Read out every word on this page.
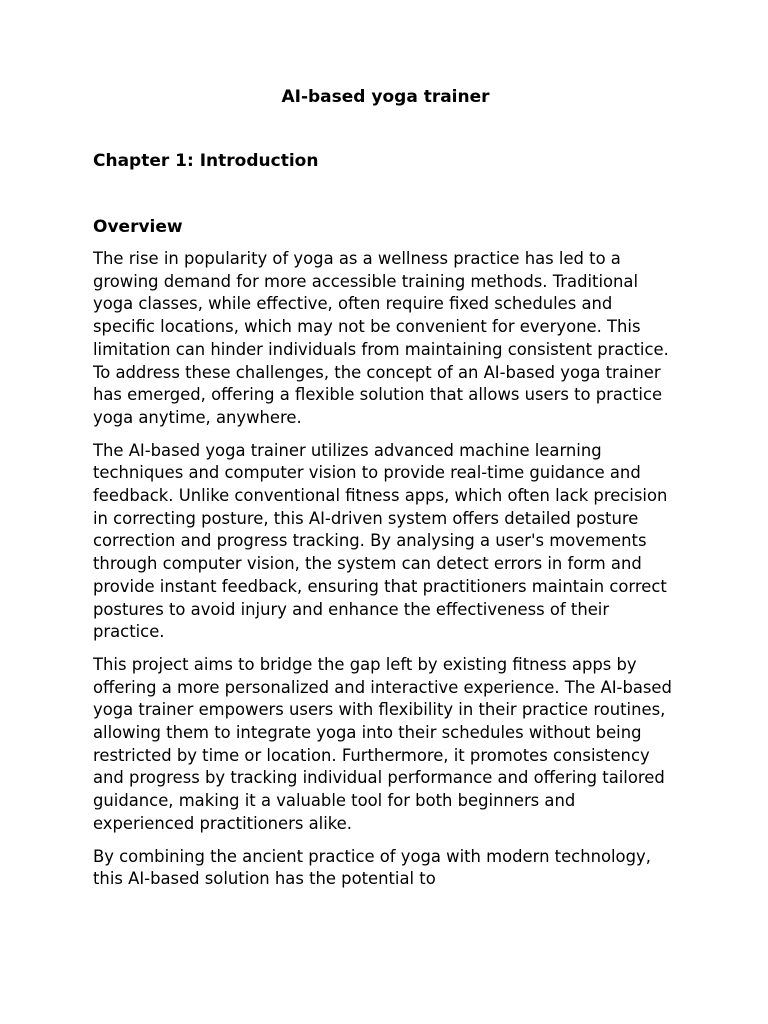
AI-based yoga trainer
Chapter 1: Introduction
Overview

The rise in popularity of yoga as a wellness practice has led to a growing demand for more accessible training methods. Traditional yoga classes, while effective, often require fixed schedules and specific locations, which may not be convenient for everyone. This limitation can hinder individuals from maintaining consistent practice. To address these challenges, the concept of an AI-based yoga trainer has emerged, offering a flexible solution that allows users to practice yoga anytime, anywhere.

The AI-based yoga trainer utilizes advanced machine learning techniques and computer vision to provide real-time guidance and feedback. Unlike conventional fitness apps, which often lack precision in correcting posture, this AI-driven system offers detailed posture correction and progress tracking. By analysing a user's movements through computer vision, the system can detect errors in form and provide instant feedback, ensuring that practitioners maintain correct postures to avoid injury and enhance the effectiveness of their practice.

This project aims to bridge the gap left by existing fitness apps by offering a more personalized and interactive experience. The AI-based yoga trainer empowers users with flexibility in their practice routines, allowing them to integrate yoga into their schedules without being restricted by time or location. Furthermore, it promotes consistency and progress by tracking individual performance and offering tailored guidance, making it a valuable tool for both beginners and experienced practitioners alike.

By combining the ancient practice of yoga with modern technology, this AI-based solution has the potential to
